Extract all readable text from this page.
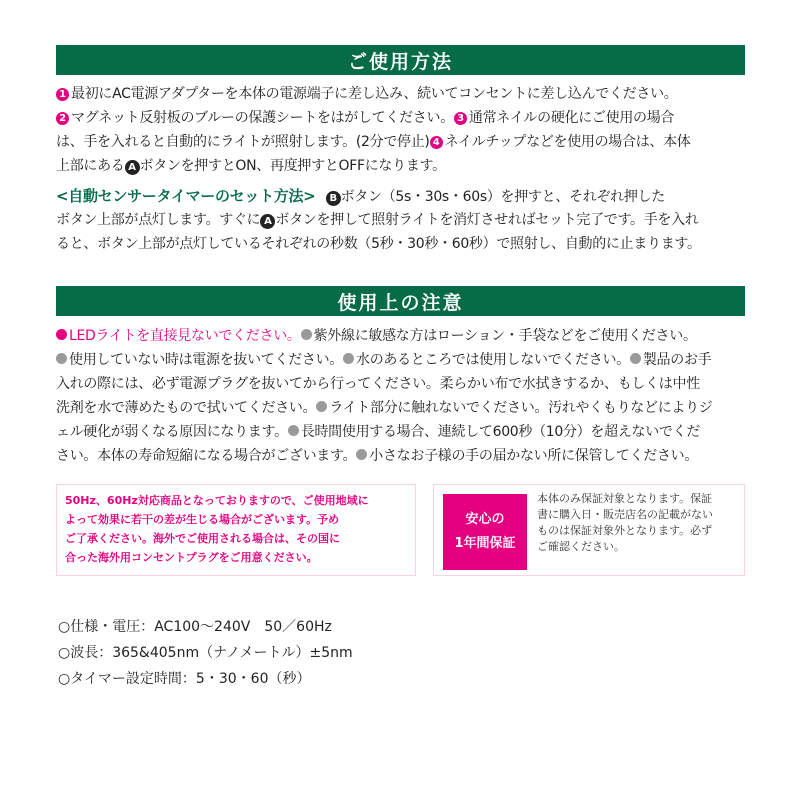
ご使用方法
1 最初にAC電源アダプターを本体の電源端子に差し込み、続いてコンセントに差し込んでください。
2 マグネット反射板のブルーの保護シートをはがしてください。 3 通常ネイルの硬化にご使用の場合
は、手を入れると自動的にライトが照射します。(2分で停止) 4 ネイルチップなどを使用の場合は、本体
上部にある A ボタンを押すとON、再度押すとOFFになります。
<自動センサータイマーのセット方法> B ボタン（5s・30s・60s）を押すと、それぞれ押した
ボタン上部が点灯します。すぐに A ボタンを押して照射ライトを消灯させればセット完了です。手を入れ
ると、ボタン上部が点灯しているそれぞれの秒数（5秒・30秒・60秒）で照射し、自動的に止まります。
使用上の注意
LEDライトを直接見ないでください。 紫外線に敏感な方はローション・手袋などをご使用ください。
使用していない時は電源を抜いてください。 水のあるところでは使用しないでください。 製品のお手
入れの際には、必ず電源プラグを抜いてから行ってください。柔らかい布で水拭きするか、もしくは中性
洗剤を水で薄めたもので拭いてください。 ライト部分に触れないでください。汚れやくもりなどによりジ
ェル硬化が弱くなる原因になります。 長時間使用する場合、連続して600秒（10分）を超えないでくだ
さい。本体の寿命短縮になる場合がございます。 小さなお子様の手の届かない所に保管してください。
50Hz、60Hz対応商品となっておりますので、ご使用地域に
よって効果に若干の差が生じる場合がございます。予め
ご了承ください。海外でご使用される場合は、その国に
合った海外用コンセントプラグをご用意ください。
安心の
1年間保証
本体のみ保証対象となります。保証
書に購入日・販売店名の記載がない
ものは保証対象外となります。必ず
ご確認ください。
○仕様・電圧：AC100〜240V　50／60Hz
○波長：365&405nm（ナノメートル）±5nm
○タイマー設定時間：5・30・60（秒）
